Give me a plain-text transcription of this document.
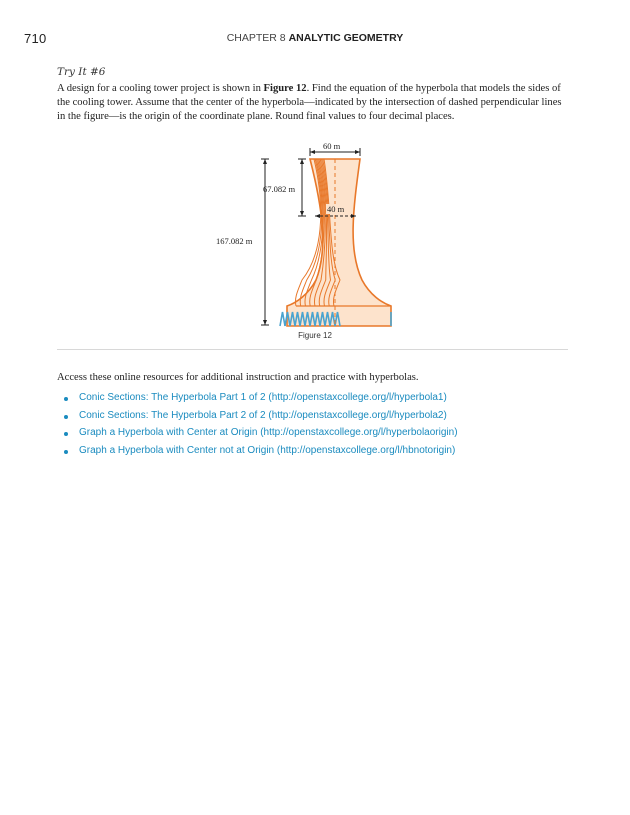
710	CHAPTER 8 ANALYTIC GEOMETRY
Try It #6
A design for a cooling tower project is shown in Figure 12. Find the equation of the hyperbola that models the sides of the cooling tower. Assume that the center of the hyperbola—indicated by the intersection of dashed perpendicular lines in the figure—is the origin of the coordinate plane. Round final values to four decimal places.
60 m
67.082 m
40 m
167.082 m
Figure 12
Access these online resources for additional instruction and practice with hyperbolas.
Conic Sections: The Hyperbola Part 1 of 2 (http://openstaxcollege.org/l/hyperbola1)
Conic Sections: The Hyperbola Part 2 of 2 (http://openstaxcollege.org/l/hyperbola2)
Graph a Hyperbola with Center at Origin (http://openstaxcollege.org/l/hyperbolaorigin)
Graph a Hyperbola with Center not at Origin (http://openstaxcollege.org/l/hbnotorigin)
